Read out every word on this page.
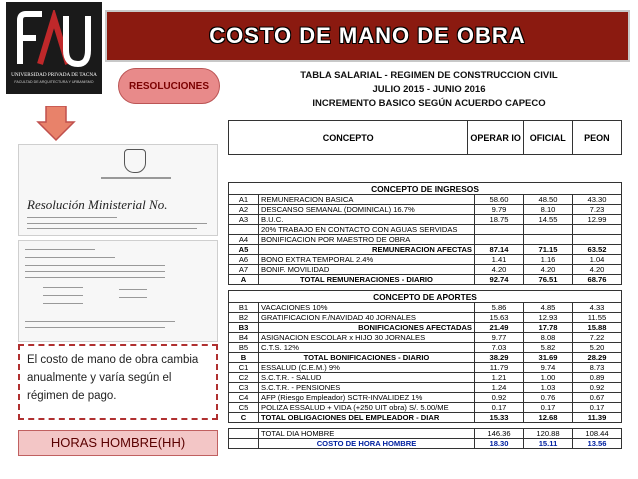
UNIVERSIDAD PRIVADA DE TACNA
FACULTAD DE ARQUITECTURA Y URBANISMO
COSTO DE MANO DE OBRA
RESOLUCIONES
Resolución Ministerial No.
El costo de mano de obra cambia anualmente y varía según el régimen de pago.
HORAS HOMBRE(HH)
TABLA SALARIAL - REGIMEN DE CONSTRUCCION CIVIL
JULIO 2015 - JUNIO 2016
INCREMENTO BASICO SEGÚN ACUERDO CAPECO
CONCEPTO	OPERAR IO	OFICIAL	PEON
CONCEPTO DE INGRESOS				
A1	REMUNERACION BASICA	58.60	48.50	43.30
A2	DESCANSO SEMANAL (DOMINICAL) 16.7%	9.79	8.10	7.23
A3	B.U.C.	18.75	14.55	12.99
	20% TRABAJO EN CONTACTO CON AGUAS SERVIDAS			
A4	BONIFICACION POR MAESTRO DE OBRA			
A5	REMUNERACION AFECTAS	87.14	71.15	63.52
A6	BONO EXTRA TEMPORAL 2.4%	1.41	1.16	1.04
A7	BONIF. MOVILIDAD	4.20	4.20	4.20
A	TOTAL REMUNERACIONES - DIARIO	92.74	76.51	68.76

CONCEPTO DE APORTES				
B1	VACACIONES 10%	5.86	4.85	4.33
B2	GRATIFICACION F./NAVIDAD 40 JORNALES	15.63	12.93	11.55
B3	BONIFICACIONES AFECTADAS	21.49	17.78	15.88
B4	ASIGNACION ESCOLAR x HIJO 30 JORNALES	9.77	8.08	7.22
B5	C.T.S. 12%	7.03	5.82	5.20
B	TOTAL BONIFICACIONES - DIARIO	38.29	31.69	28.29
C1	ESSALUD (C.E.M.) 9%	11.79	9.74	8.73
C2	S.C.T.R. - SALUD	1.21	1.00	0.89
C3	S.C.T.R. - PENSIONES	1.24	1.03	0.92
C4	AFP (Riesgo Empleador) SCTR-INVALIDEZ 1%	0.92	0.76	0.67
C5	POLIZA ESSALUD + VIDA (+250 UIT obra) S/. 5.00/ME	0.17	0.17	0.17
C	TOTAL OBLIGACIONES DEL EMPLEADOR - DIAR	15.33	12.68	11.39

	TOTAL DIA HOMBRE	146.36	120.88	108.44
	COSTO DE HORA HOMBRE	18.30	15.11	13.56
